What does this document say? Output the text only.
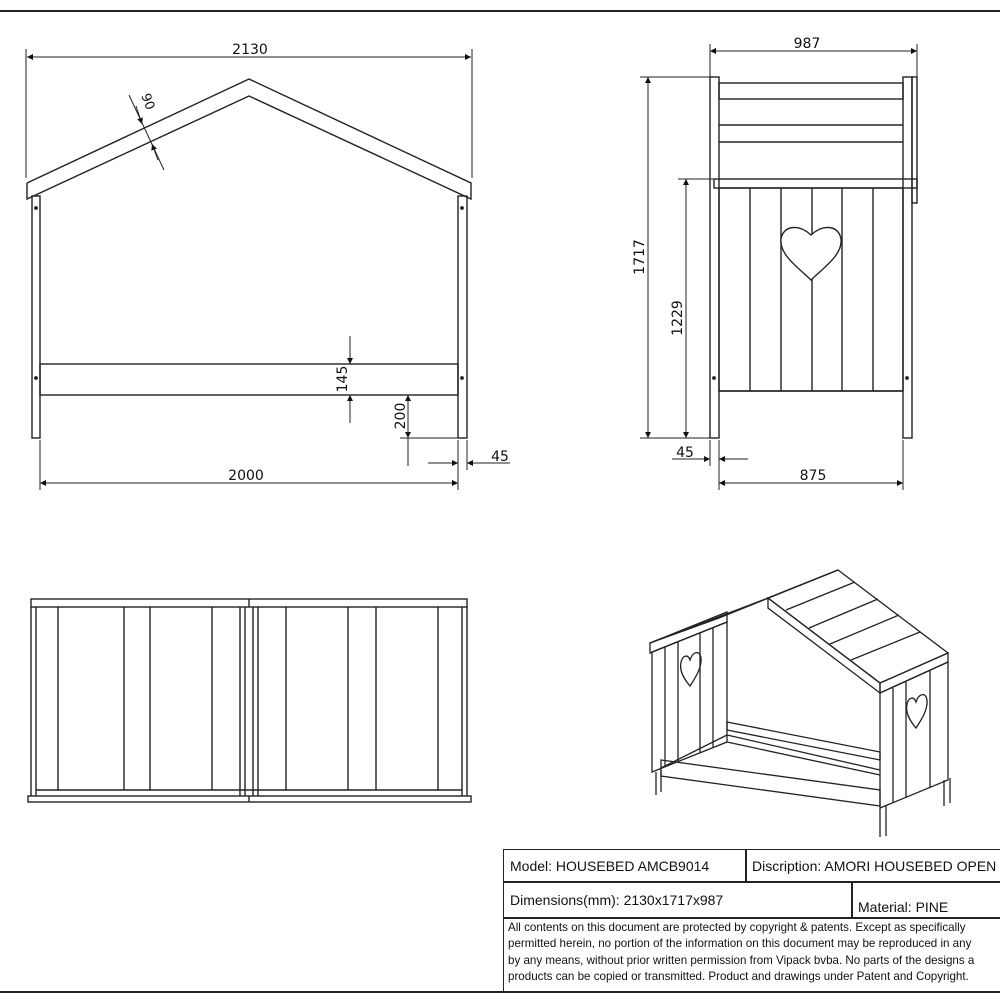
2130
90
145
200
45
2000
987
1717
1229
45
875
Model: HOUSEBED AMCB9014	Discription: AMORI HOUSEBED OPEN
Dimensions(mm): 2130x1717x987	Material: PINE
All contents on this document are protected by copyright & patents. Except as specifically
permitted herein, no portion of the information on this document may be reproduced in any
by any means, without prior written permission from Vipack bvba. No parts of the designs a
products can be copied or transmitted. Product and drawings under Patent and Copyright.
